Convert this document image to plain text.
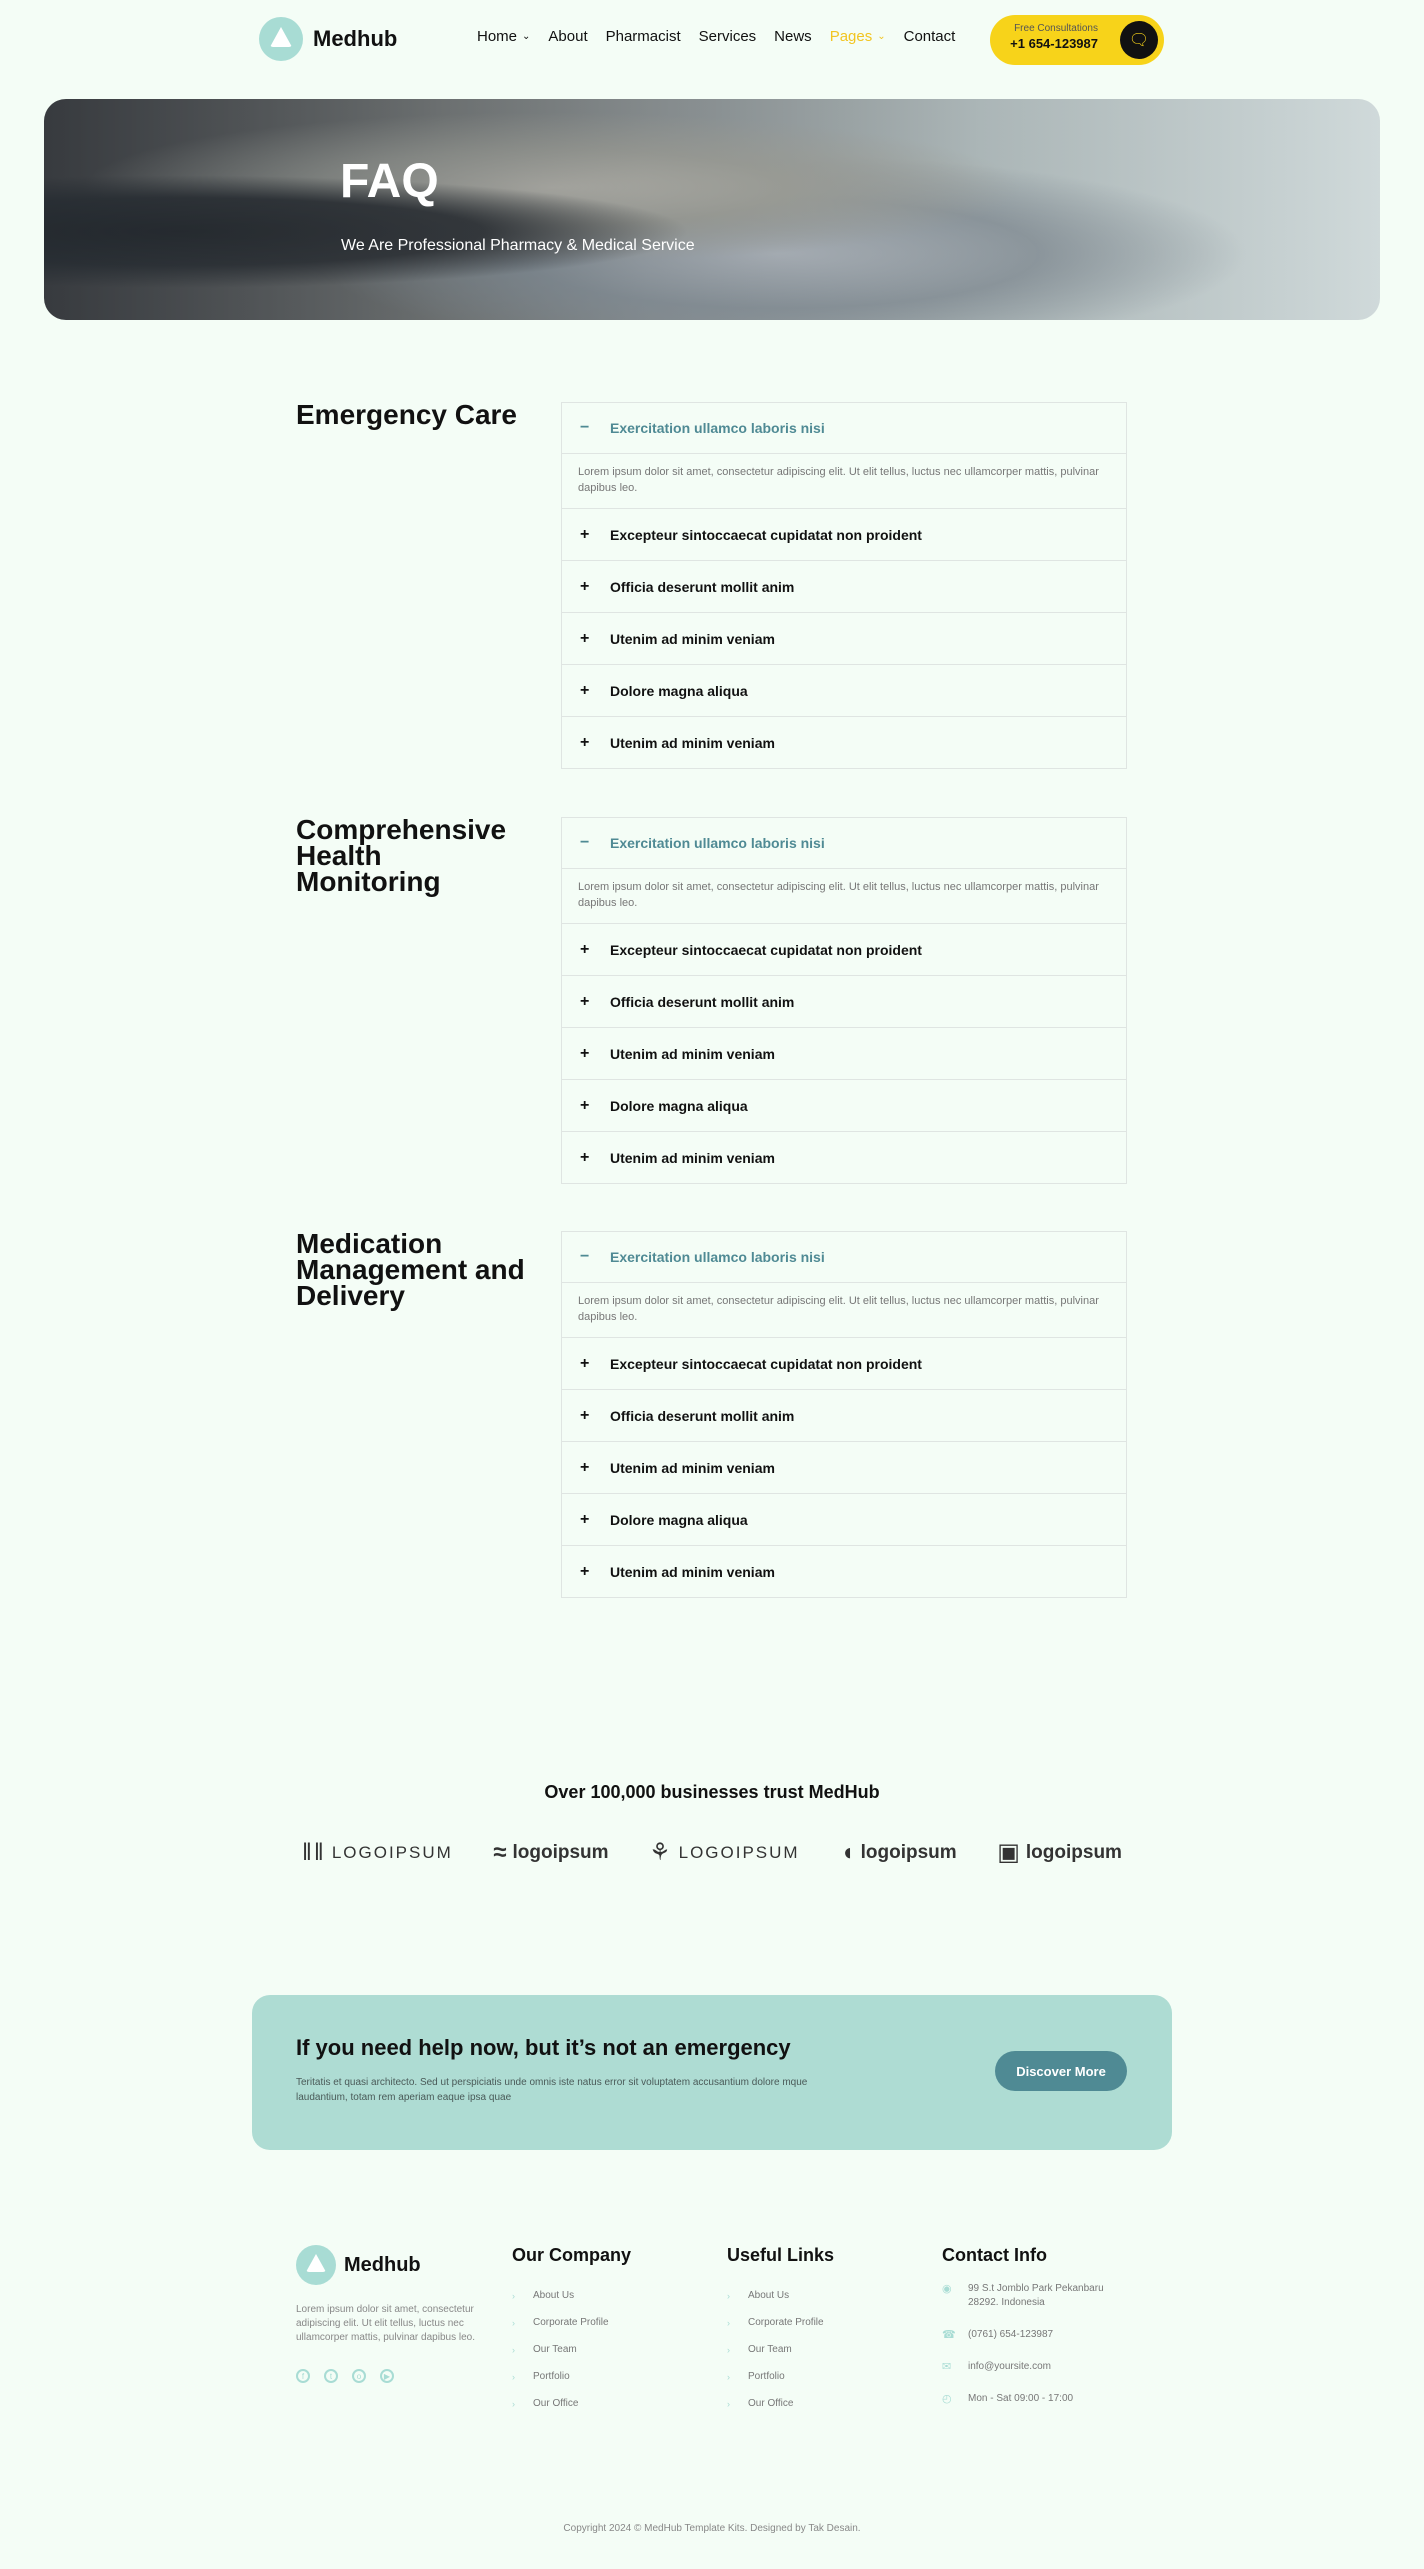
Medhub	Home ⌄ About Pharmacist Services News Pages ⌄ Contact	Free Consultations
+1 654-123987	🗨
FAQ

We Are Professional Pharmacy & Medical Service

Emergency Care	−	Exercitation ullamco laboris nisi
Lorem ipsum dolor sit amet, consectetur adipiscing elit. Ut elit tellus, luctus nec ullamcorper mattis, pulvinar dapibus leo.
+	Excepteur sintoccaecat cupidatat non proident
+	Officia deserunt mollit anim
+	Utenim ad minim veniam
+	Dolore magna aliqua
+	Utenim ad minim veniam
Comprehensive Health Monitoring
−	Exercitation ullamco laboris nisi
Lorem ipsum dolor sit amet, consectetur adipiscing elit. Ut elit tellus, luctus nec ullamcorper mattis, pulvinar dapibus leo.
+	Excepteur sintoccaecat cupidatat non proident
+	Officia deserunt mollit anim
+	Utenim ad minim veniam
+	Dolore magna aliqua
+	Utenim ad minim veniam
Medication Management and Delivery
−	Exercitation ullamco laboris nisi
Lorem ipsum dolor sit amet, consectetur adipiscing elit. Ut elit tellus, luctus nec ullamcorper mattis, pulvinar dapibus leo.
+	Excepteur sintoccaecat cupidatat non proident
+	Officia deserunt mollit anim
+	Utenim ad minim veniam
+	Dolore magna aliqua
+	Utenim ad minim veniam
Over 100,000 businesses trust MedHub
‖‖ LOGOIPSUM ≈ logoipsum ⚘ LOGOIPSUM ◖ logoipsum ▣ logoipsum
If you need help now, but it’s not an emergency

Teritatis et quasi architecto. Sed ut perspiciatis unde omnis iste natus error sit voluptatem accusantium dolore mque laudantium, totam rem aperiam eaque ipsa quae

Discover More
Medhub

Lorem ipsum dolor sit amet, consectetur adipiscing elit. Ut elit tellus, luctus nec ullamcorper mattis, pulvinar dapibus leo.

f	t	o	▶
Our Company
› About Us
› Corporate Profile
› Our Team
› Portfolio
› Our Office
Useful Links
› About Us
› Corporate Profile
› Our Team
› Portfolio
› Our Office
Contact Info
◉ 99 S.t Jomblo Park Pekanbaru 28292. Indonesia
☎ (0761) 654-123987
✉ info@yoursite.com
◴ Mon - Sat 09:00 - 17:00

Copyright 2024 © MedHub Template Kits. Designed by Tak Desain.
